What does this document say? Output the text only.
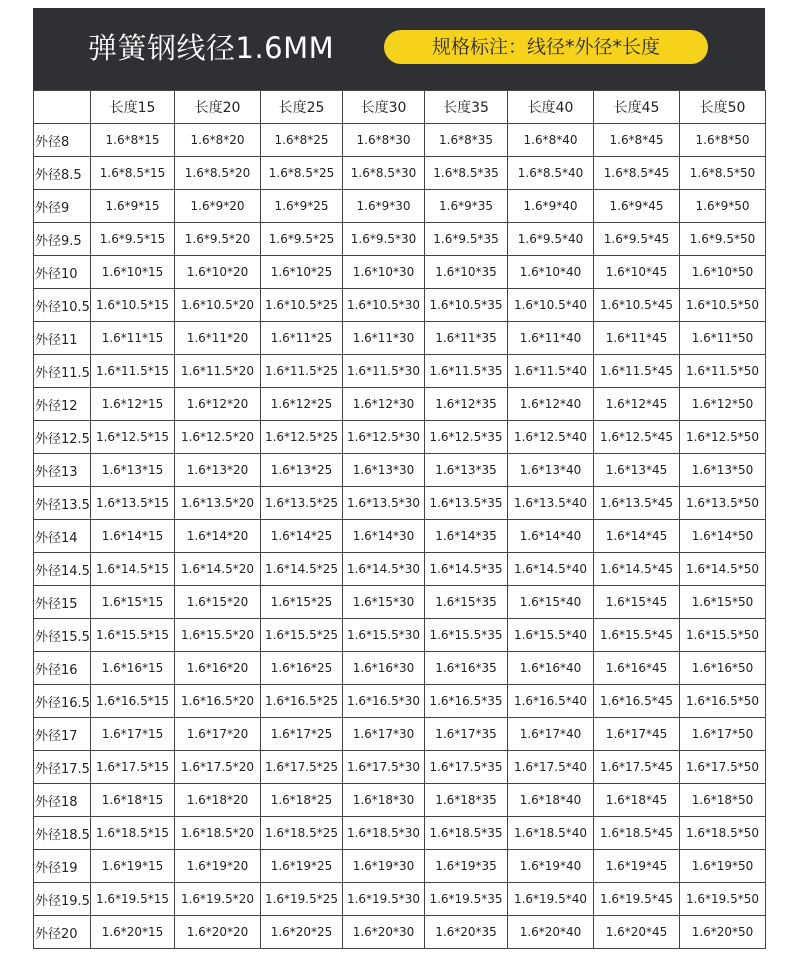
弹簧钢线径1.6MM	规格标注：线径*外径*长度
	长度15	长度20	长度25	长度30	长度35	长度40	长度45	长度50
外径8	1.6*8*15	1.6*8*20	1.6*8*25	1.6*8*30	1.6*8*35	1.6*8*40	1.6*8*45	1.6*8*50
外径8.5	1.6*8.5*15	1.6*8.5*20	1.6*8.5*25	1.6*8.5*30	1.6*8.5*35	1.6*8.5*40	1.6*8.5*45	1.6*8.5*50
外径9	1.6*9*15	1.6*9*20	1.6*9*25	1.6*9*30	1.6*9*35	1.6*9*40	1.6*9*45	1.6*9*50
外径9.5	1.6*9.5*15	1.6*9.5*20	1.6*9.5*25	1.6*9.5*30	1.6*9.5*35	1.6*9.5*40	1.6*9.5*45	1.6*9.5*50
外径10	1.6*10*15	1.6*10*20	1.6*10*25	1.6*10*30	1.6*10*35	1.6*10*40	1.6*10*45	1.6*10*50
外径10.5	1.6*10.5*15	1.6*10.5*20	1.6*10.5*25	1.6*10.5*30	1.6*10.5*35	1.6*10.5*40	1.6*10.5*45	1.6*10.5*50
外径11	1.6*11*15	1.6*11*20	1.6*11*25	1.6*11*30	1.6*11*35	1.6*11*40	1.6*11*45	1.6*11*50
外径11.5	1.6*11.5*15	1.6*11.5*20	1.6*11.5*25	1.6*11.5*30	1.6*11.5*35	1.6*11.5*40	1.6*11.5*45	1.6*11.5*50
外径12	1.6*12*15	1.6*12*20	1.6*12*25	1.6*12*30	1.6*12*35	1.6*12*40	1.6*12*45	1.6*12*50
外径12.5	1.6*12.5*15	1.6*12.5*20	1.6*12.5*25	1.6*12.5*30	1.6*12.5*35	1.6*12.5*40	1.6*12.5*45	1.6*12.5*50
外径13	1.6*13*15	1.6*13*20	1.6*13*25	1.6*13*30	1.6*13*35	1.6*13*40	1.6*13*45	1.6*13*50
外径13.5	1.6*13.5*15	1.6*13.5*20	1.6*13.5*25	1.6*13.5*30	1.6*13.5*35	1.6*13.5*40	1.6*13.5*45	1.6*13.5*50
外径14	1.6*14*15	1.6*14*20	1.6*14*25	1.6*14*30	1.6*14*35	1.6*14*40	1.6*14*45	1.6*14*50
外径14.5	1.6*14.5*15	1.6*14.5*20	1.6*14.5*25	1.6*14.5*30	1.6*14.5*35	1.6*14.5*40	1.6*14.5*45	1.6*14.5*50
外径15	1.6*15*15	1.6*15*20	1.6*15*25	1.6*15*30	1.6*15*35	1.6*15*40	1.6*15*45	1.6*15*50
外径15.5	1.6*15.5*15	1.6*15.5*20	1.6*15.5*25	1.6*15.5*30	1.6*15.5*35	1.6*15.5*40	1.6*15.5*45	1.6*15.5*50
外径16	1.6*16*15	1.6*16*20	1.6*16*25	1.6*16*30	1.6*16*35	1.6*16*40	1.6*16*45	1.6*16*50
外径16.5	1.6*16.5*15	1.6*16.5*20	1.6*16.5*25	1.6*16.5*30	1.6*16.5*35	1.6*16.5*40	1.6*16.5*45	1.6*16.5*50
外径17	1.6*17*15	1.6*17*20	1.6*17*25	1.6*17*30	1.6*17*35	1.6*17*40	1.6*17*45	1.6*17*50
外径17.5	1.6*17.5*15	1.6*17.5*20	1.6*17.5*25	1.6*17.5*30	1.6*17.5*35	1.6*17.5*40	1.6*17.5*45	1.6*17.5*50
外径18	1.6*18*15	1.6*18*20	1.6*18*25	1.6*18*30	1.6*18*35	1.6*18*40	1.6*18*45	1.6*18*50
外径18.5	1.6*18.5*15	1.6*18.5*20	1.6*18.5*25	1.6*18.5*30	1.6*18.5*35	1.6*18.5*40	1.6*18.5*45	1.6*18.5*50
外径19	1.6*19*15	1.6*19*20	1.6*19*25	1.6*19*30	1.6*19*35	1.6*19*40	1.6*19*45	1.6*19*50
外径19.5	1.6*19.5*15	1.6*19.5*20	1.6*19.5*25	1.6*19.5*30	1.6*19.5*35	1.6*19.5*40	1.6*19.5*45	1.6*19.5*50
外径20	1.6*20*15	1.6*20*20	1.6*20*25	1.6*20*30	1.6*20*35	1.6*20*40	1.6*20*45	1.6*20*50
